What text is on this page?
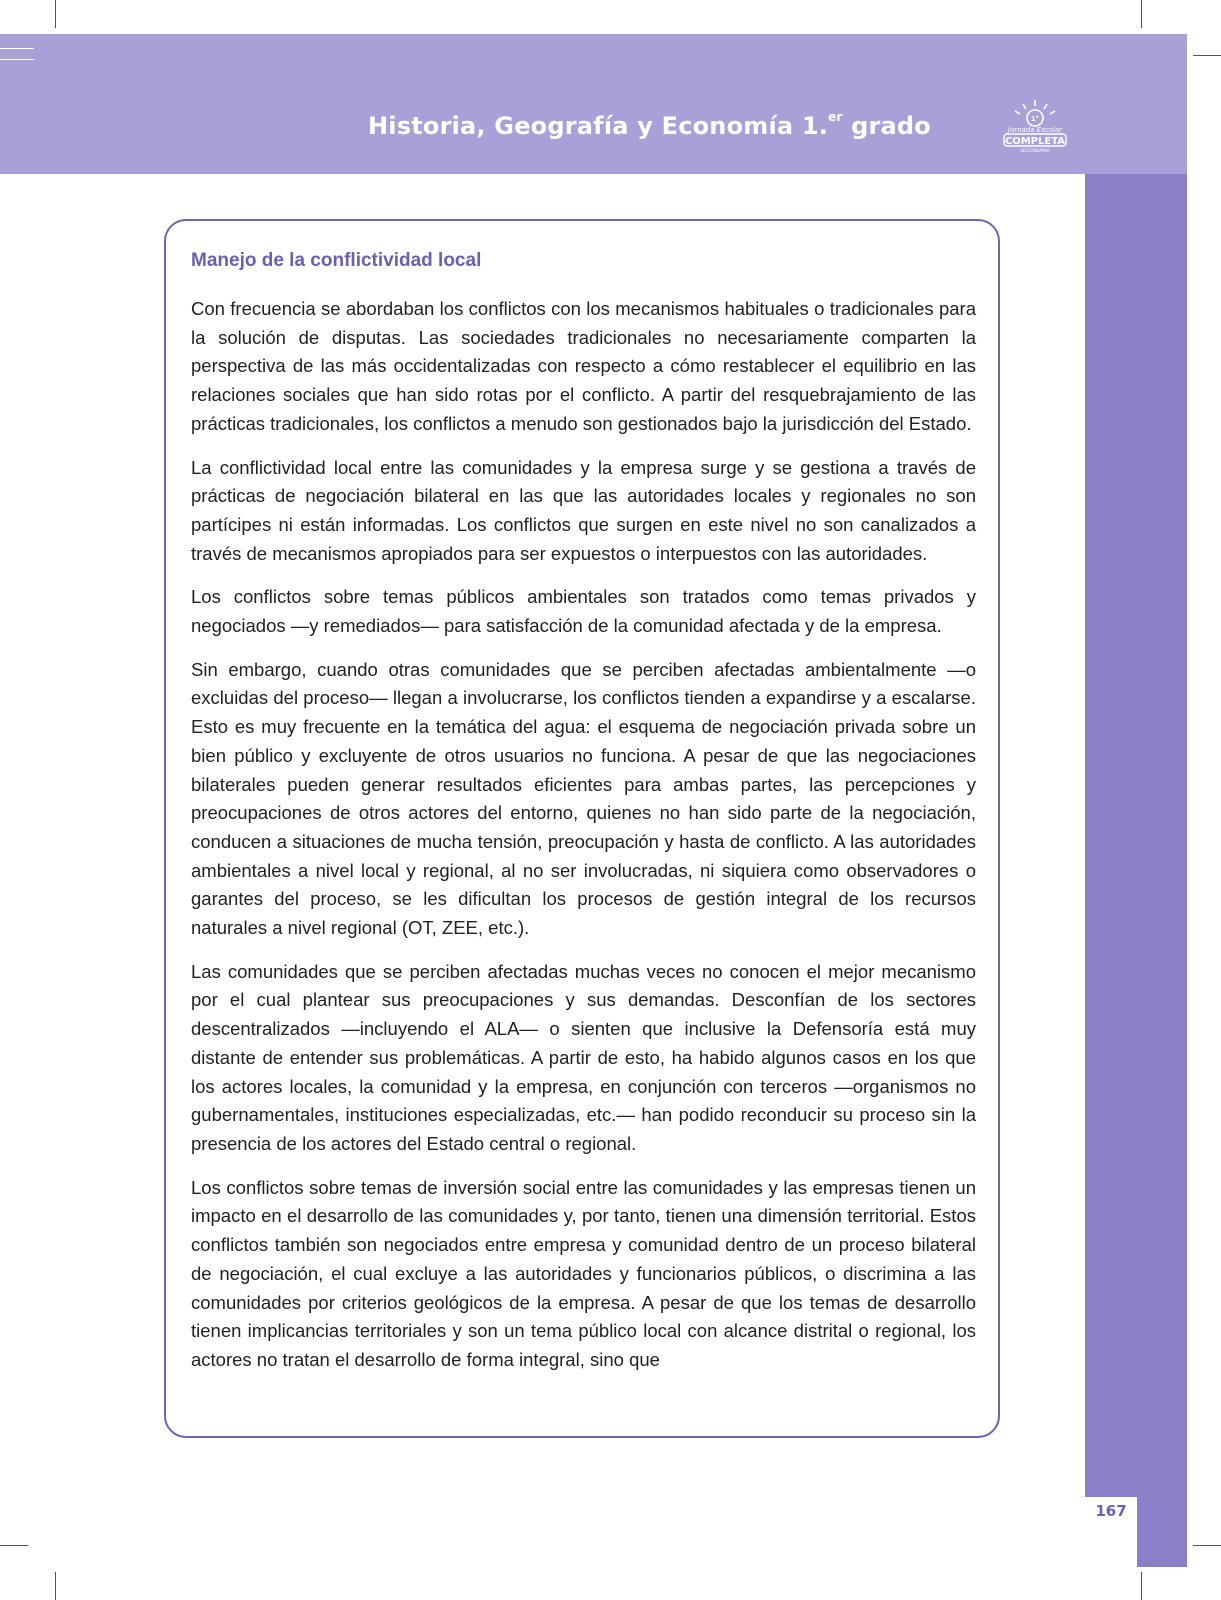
Historia, Geografía y Economía 1.$^{er}$ grado	1°
Jornada Escolar
COMPLETA
SECUNDARIA
167
Manejo de la conflictividad local

Con frecuencia se abordaban los conflictos con los mecanismos habituales o tradicionales para la solución de disputas. Las sociedades tradicionales no necesariamente comparten la perspectiva de las más occidentalizadas con respecto a cómo restablecer el equilibrio en las relaciones sociales que han sido rotas por el conflicto. A partir del resquebrajamiento de las prácticas tradicionales, los conflictos a menudo son gestionados bajo la jurisdicción del Estado.

La conflictividad local entre las comunidades y la empresa surge y se gestiona a través de prácticas de negociación bilateral en las que las autoridades locales y regionales no son partícipes ni están informadas. Los conflictos que surgen en este nivel no son canalizados a través de mecanismos apropiados para ser expuestos o interpuestos con las autoridades.

Los conflictos sobre temas públicos ambientales son tratados como temas privados y negociados —y remediados— para satisfacción de la comunidad afectada y de la empresa.

Sin embargo, cuando otras comunidades que se perciben afectadas ambientalmente —o excluidas del proceso— llegan a involucrarse, los conflictos tienden a expandirse y a escalarse. Esto es muy frecuente en la temática del agua: el esquema de negociación privada sobre un bien público y excluyente de otros usuarios no funciona. A pesar de que las negociaciones bilaterales pueden generar resultados eficientes para ambas partes, las percepciones y preocupaciones de otros actores del entorno, quienes no han sido parte de la negociación, conducen a situaciones de mucha tensión, preocupación y hasta de conflicto. A las autoridades ambientales a nivel local y regional, al no ser involucradas, ni siquiera como observadores o garantes del proceso, se les dificultan los procesos de gestión integral de los recursos naturales a nivel regional (OT, ZEE, etc.).

Las comunidades que se perciben afectadas muchas veces no conocen el mejor mecanismo por el cual plantear sus preocupaciones y sus demandas. Desconfían de los sectores descentralizados —incluyendo el ALA— o sienten que inclusive la Defensoría está muy distante de entender sus problemáticas. A partir de esto, ha habido algunos casos en los que los actores locales, la comunidad y la empresa, en conjunción con terceros —organismos no gubernamentales, instituciones especializadas, etc.— han podido reconducir su proceso sin la presencia de los actores del Estado central o regional.

Los conflictos sobre temas de inversión social entre las comunidades y las empresas tienen un impacto en el desarrollo de las comunidades y, por tanto, tienen una dimensión territorial. Estos conflictos también son negociados entre empresa y comunidad dentro de un proceso bilateral de negociación, el cual excluye a las autoridades y funcionarios públicos, o discrimina a las comunidades por criterios geológicos de la empresa. A pesar de que los temas de desarrollo tienen implicancias territoriales y son un tema público local con alcance distrital o regional, los actores no tratan el desarrollo de forma integral, sino que
